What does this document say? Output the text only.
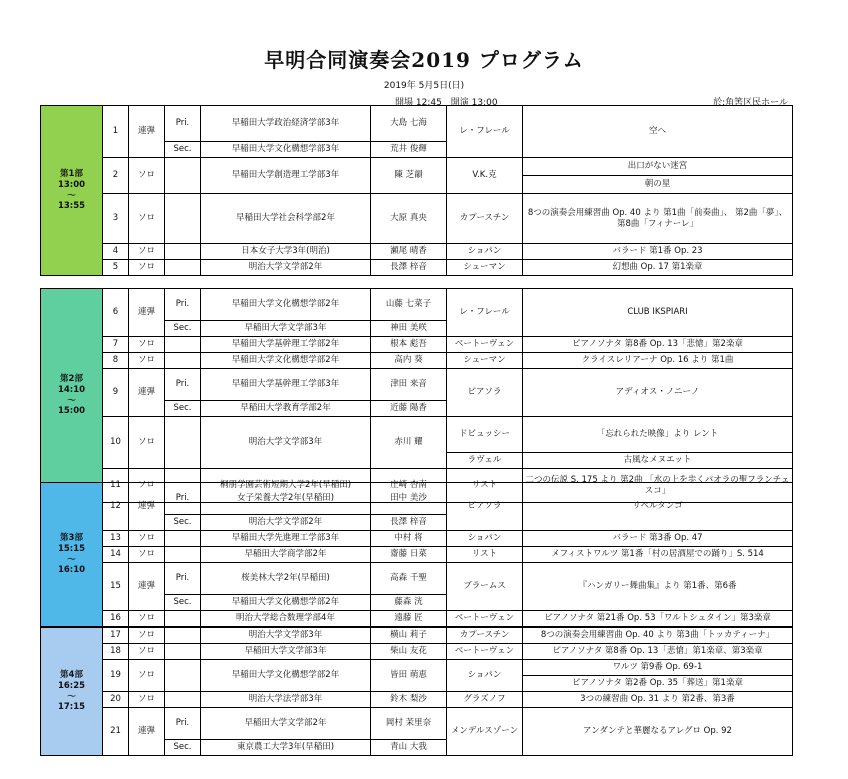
早明合同演奏会2019 プログラム
2019年 5月5日(日)
開場 12:45　開演 13:00	於:角筈区民ホール
第1部
13:00
～
13:55	1	連弾	Pri.	早稲田大学政治経済学部3年	大島 七海	レ・フレール	空へ
			Sec.	早稲田大学文化構想学部3年	荒井 俊輝		
	2	ソロ		早稲田大学創造理工学部3年	陳 芝韻	V.K.克	出口がない迷宮
							朝の星
	3	ソロ		早稲田大学社会科学部2年	大原 真央	カプースチン	8つの演奏会用練習曲 Op. 40 より 第1曲「前奏曲」、 第2曲「夢」、第8曲「フィナーレ」
	4	ソロ		日本女子大学3年(明治)	瀬尾 晴香	ショパン	バラード 第1番 Op. 23
	5	ソロ		明治大学文学部2年	長澤 梓音	シューマン	幻想曲 Op. 17 第1楽章
第2部
14:10
～
15:00	6	連弾	Pri.	早稲田大学文化構想学部2年	山藤 七菜子	レ・フレール	CLUB IKSPIARI
			Sec.	早稲田大学文学部3年	神田 美咲		
	7	ソロ		早稲田大学基幹理工学部2年	根本 彪吾	ベートーヴェン	ピアノソナタ 第8番 Op. 13「悲愴」第2楽章
	8	ソロ		早稲田大学文化構想学部2年	高内 葵	シューマン	クライスレリアーナ Op. 16 より 第1曲
	9	連弾	Pri.	早稲田大学基幹理工学部3年	津田 来音	ピアソラ	アディオス・ノニーノ
			Sec.	早稲田大学教育学部2年	近藤 陽香		
	10	ソロ		明治大学文学部3年	赤川 耀	ドビュッシー	「忘れられた映像」より レント
						ラヴェル	古風なメヌエット
	11	ソロ		桐朋学園芸術短期大学2年(早稲田)	庄崎 杏南	リスト	二つの伝説 S. 175 より 第2曲 「水の上を歩くパオラの聖フランチェスコ」
第3部
15:15
～
16:10	12	連弾	Pri.	女子栄養大学2年(早稲田)	田中 美沙	ピアソラ	リベルタンゴ
			Sec.	明治大学文学部2年	長澤 梓音		
	13	ソロ		早稲田大学先進理工学部3年	中村 将	ショパン	バラード 第3番 Op. 47
	14	ソロ		早稲田大学商学部2年	齋藤 日菜	リスト	メフィストワルツ 第1番「村の居酒屋での踊り」S. 514
	15	連弾	Pri.	桜美林大学2年(早稲田)	高森 千聖	ブラームス	『ハンガリー舞曲集』より 第1番、第6番
			Sec.	早稲田大学文化構想学部2年	藤森 洸		
	16	ソロ		明治大学総合数理学部4年	遠藤 匠	ベートーヴェン	ピアノソナタ 第21番 Op. 53「ワルトシュタイン」第3楽章
第4部
16:25
～
17:15	17	ソロ		明治大学文学部3年	横山 莉子	カプースチン	8つの演奏会用練習曲 Op. 40 より 第3曲「トッカティーナ」
	18	ソロ		早稲田大学文学部3年	柴山 友花	ベートーヴェン	ピアノソナタ 第8番 Op. 13「悲愴」第1楽章、第3楽章
	19	ソロ		早稲田大学文化構想学部2年	皆田 萌恵	ショパン	ワルツ 第9番 Op. 69-1
							ピアノソナタ 第2番 Op. 35「葬送」第1楽章
	20	ソロ		明治大学法学部3年	鈴木 梨沙	グラズノフ	3つの練習曲 Op. 31 より 第2番、第3番
	21	連弾	Pri.	早稲田大学文学部2年	岡村 茉里奈	メンデルスゾーン	アンダンテと華麗なるアレグロ Op. 92
			Sec.	東京農工大学3年(早稲田)	青山 大我		
